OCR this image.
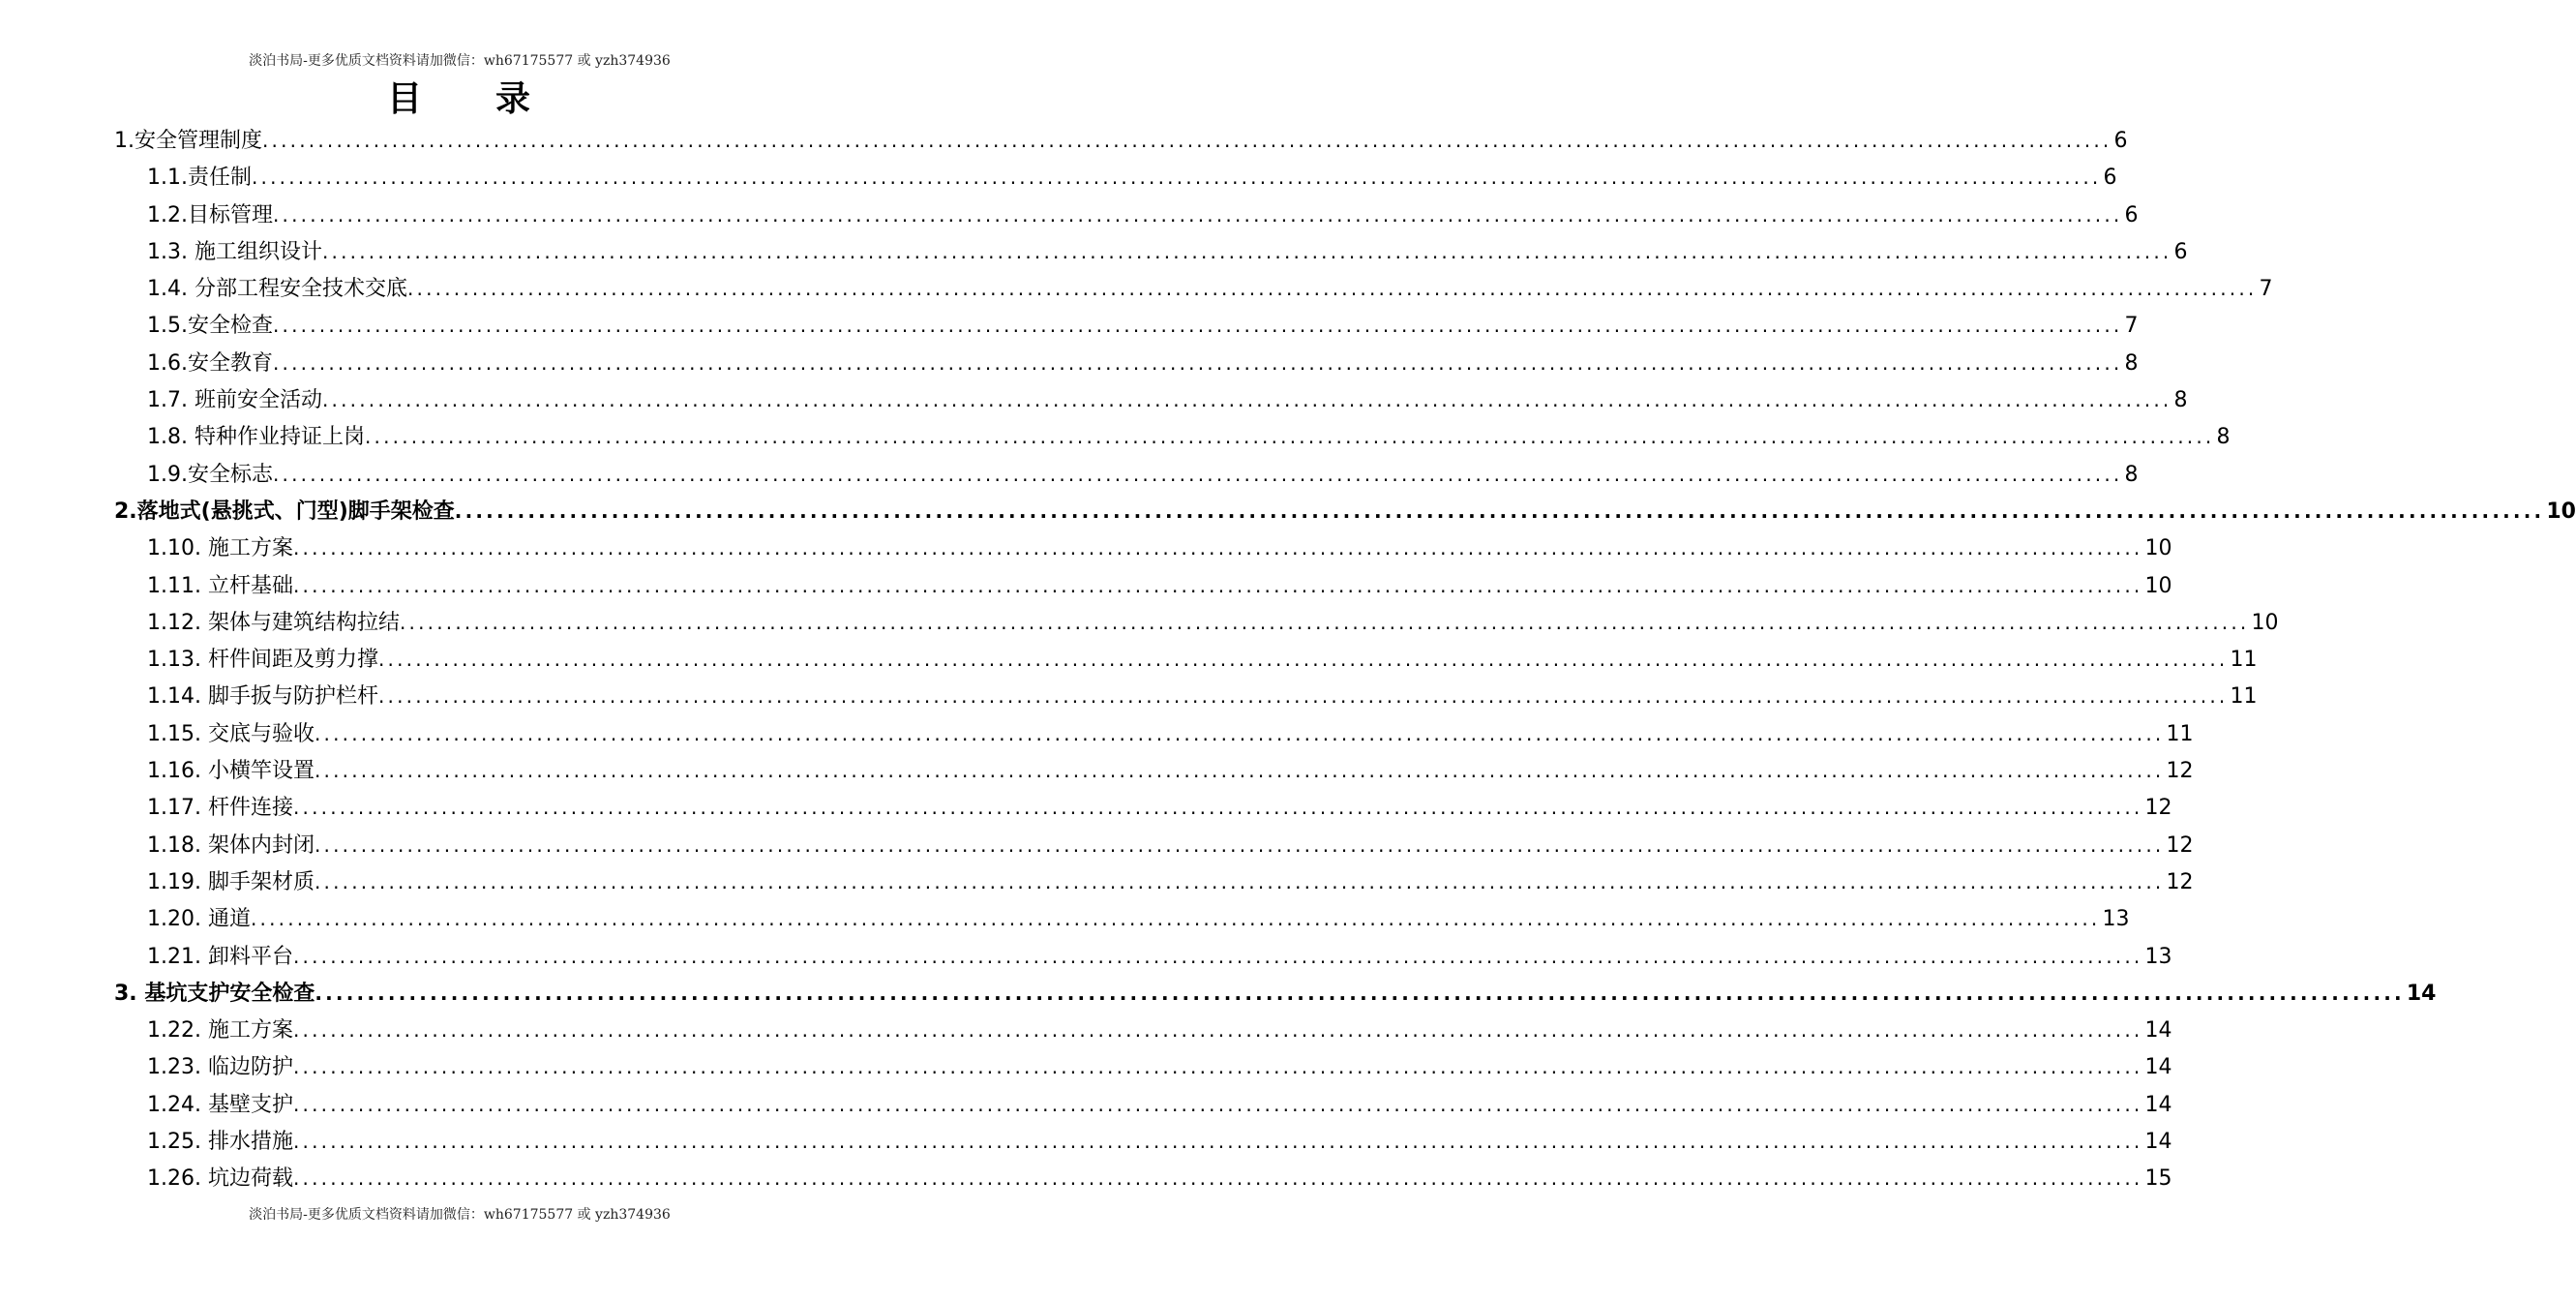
淡泊书局-更多优质文档资料请加微信：wh67175577 或 yzh374936
目 录
1.安全管理制度 ........................................................................................................................................................................................................ 6
1.1.责任制 ........................................................................................................................................................................................................ 6
1.2.目标管理 ........................................................................................................................................................................................................ 6
1.3. 施工组织设计 ........................................................................................................................................................................................................ 6
1.4. 分部工程安全技术交底 ........................................................................................................................................................................................................ 7
1.5.安全检查 ........................................................................................................................................................................................................ 7
1.6.安全教育 ........................................................................................................................................................................................................ 8
1.7. 班前安全活动 ........................................................................................................................................................................................................ 8
1.8. 特种作业持证上岗 ........................................................................................................................................................................................................ 8
1.9.安全标志 ........................................................................................................................................................................................................ 8
2.落地式(悬挑式、门型)脚手架检查 ........................................................................................................................................................................................................ 10
1.10. 施工方案 ........................................................................................................................................................................................................ 10
1.11. 立杆基础 ........................................................................................................................................................................................................ 10
1.12. 架体与建筑结构拉结 ........................................................................................................................................................................................................ 10
1.13. 杆件间距及剪力撑 ........................................................................................................................................................................................................ 11
1.14. 脚手扳与防护栏杆 ........................................................................................................................................................................................................ 11
1.15. 交底与验收 ........................................................................................................................................................................................................ 11
1.16. 小横竿设置 ........................................................................................................................................................................................................ 12
1.17. 杆件连接 ........................................................................................................................................................................................................ 12
1.18. 架体内封闭 ........................................................................................................................................................................................................ 12
1.19. 脚手架材质 ........................................................................................................................................................................................................ 12
1.20. 通道 ........................................................................................................................................................................................................ 13
1.21. 卸料平台 ........................................................................................................................................................................................................ 13
3. 基坑支护安全检查 ........................................................................................................................................................................................................ 14
1.22. 施工方案 ........................................................................................................................................................................................................ 14
1.23. 临边防护 ........................................................................................................................................................................................................ 14
1.24. 基壁支护 ........................................................................................................................................................................................................ 14
1.25. 排水措施 ........................................................................................................................................................................................................ 14
1.26. 坑边荷载 ........................................................................................................................................................................................................ 15
淡泊书局-更多优质文档资料请加微信：wh67175577 或 yzh374936
